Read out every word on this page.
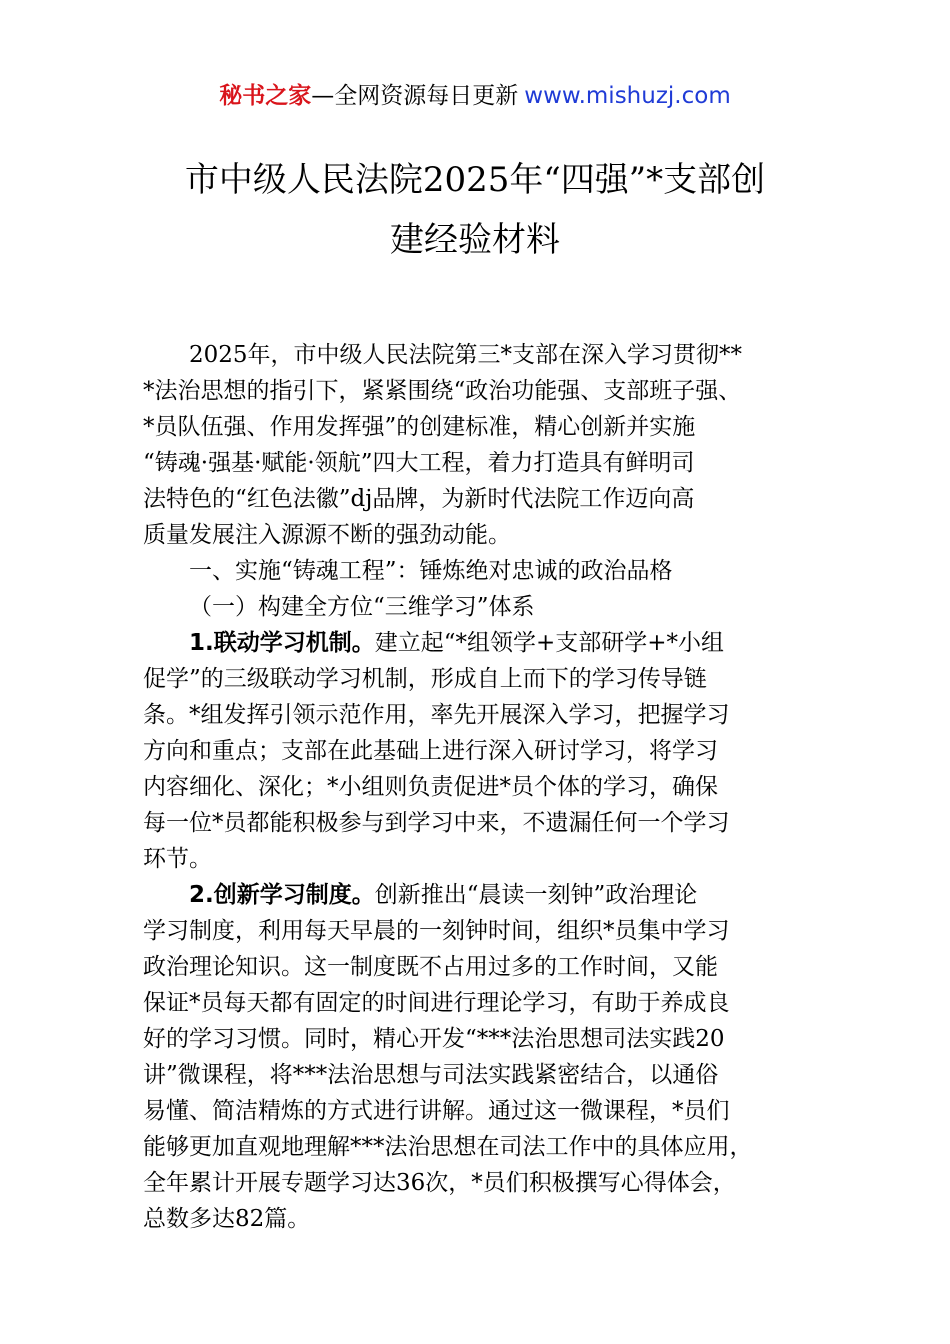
秘书之家—全网资源每日更新 www.mishuzj.com
市中级人民法院2025年“四强”*支部创
建经验材料

2025年，市中级人民法院第三*支部在深入学习贯彻**
*法治思想的指引下，紧紧围绕“政治功能强、支部班子强、
*员队伍强、作用发挥强”的创建标准，精心创新并实施
“铸魂·强基·赋能·领航”四大工程，着力打造具有鲜明司
法特色的“红色法徽”dj品牌，为新时代法院工作迈向高
质量发展注入源源不断的强劲动能。

一、实施“铸魂工程”：锤炼绝对忠诚的政治品格

（一）构建全方位“三维学习”体系

1.联动学习机制。建立起“*组领学+支部研学+*小组
促学”的三级联动学习机制，形成自上而下的学习传导链
条。*组发挥引领示范作用，率先开展深入学习，把握学习
方向和重点；支部在此基础上进行深入研讨学习，将学习
内容细化、深化；*小组则负责促进*员个体的学习，确保
每一位*员都能积极参与到学习中来，不遗漏任何一个学习
环节。

2.创新学习制度。创新推出“晨读一刻钟”政治理论
学习制度，利用每天早晨的一刻钟时间，组织*员集中学习
政治理论知识。这一制度既不占用过多的工作时间，又能
保证*员每天都有固定的时间进行理论学习，有助于养成良
好的学习习惯。同时，精心开发“***法治思想司法实践20
讲”微课程，将***法治思想与司法实践紧密结合，以通俗
易懂、简洁精炼的方式进行讲解。通过这一微课程，*员们
能够更加直观地理解***法治思想在司法工作中的具体应用，
全年累计开展专题学习达36次，*员们积极撰写心得体会，
总数多达82篇。
